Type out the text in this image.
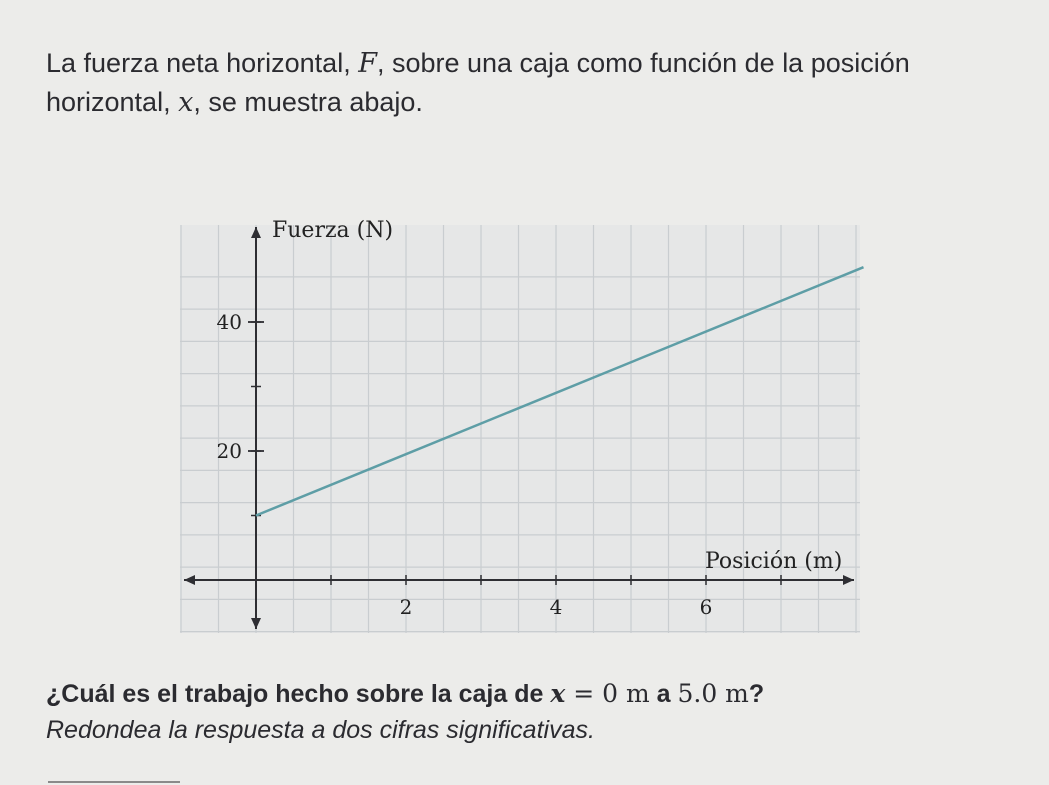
La fuerza neta horizontal, F, sobre una caja como función de la posición horizontal, x, se muestra abajo.

2	4	6
20
40
Fuerza (N)
Posición (m)

¿Cuál es el trabajo hecho sobre la caja de x = 0 m a 5.0 m?
Redondea la respuesta a dos cifras significativas.
